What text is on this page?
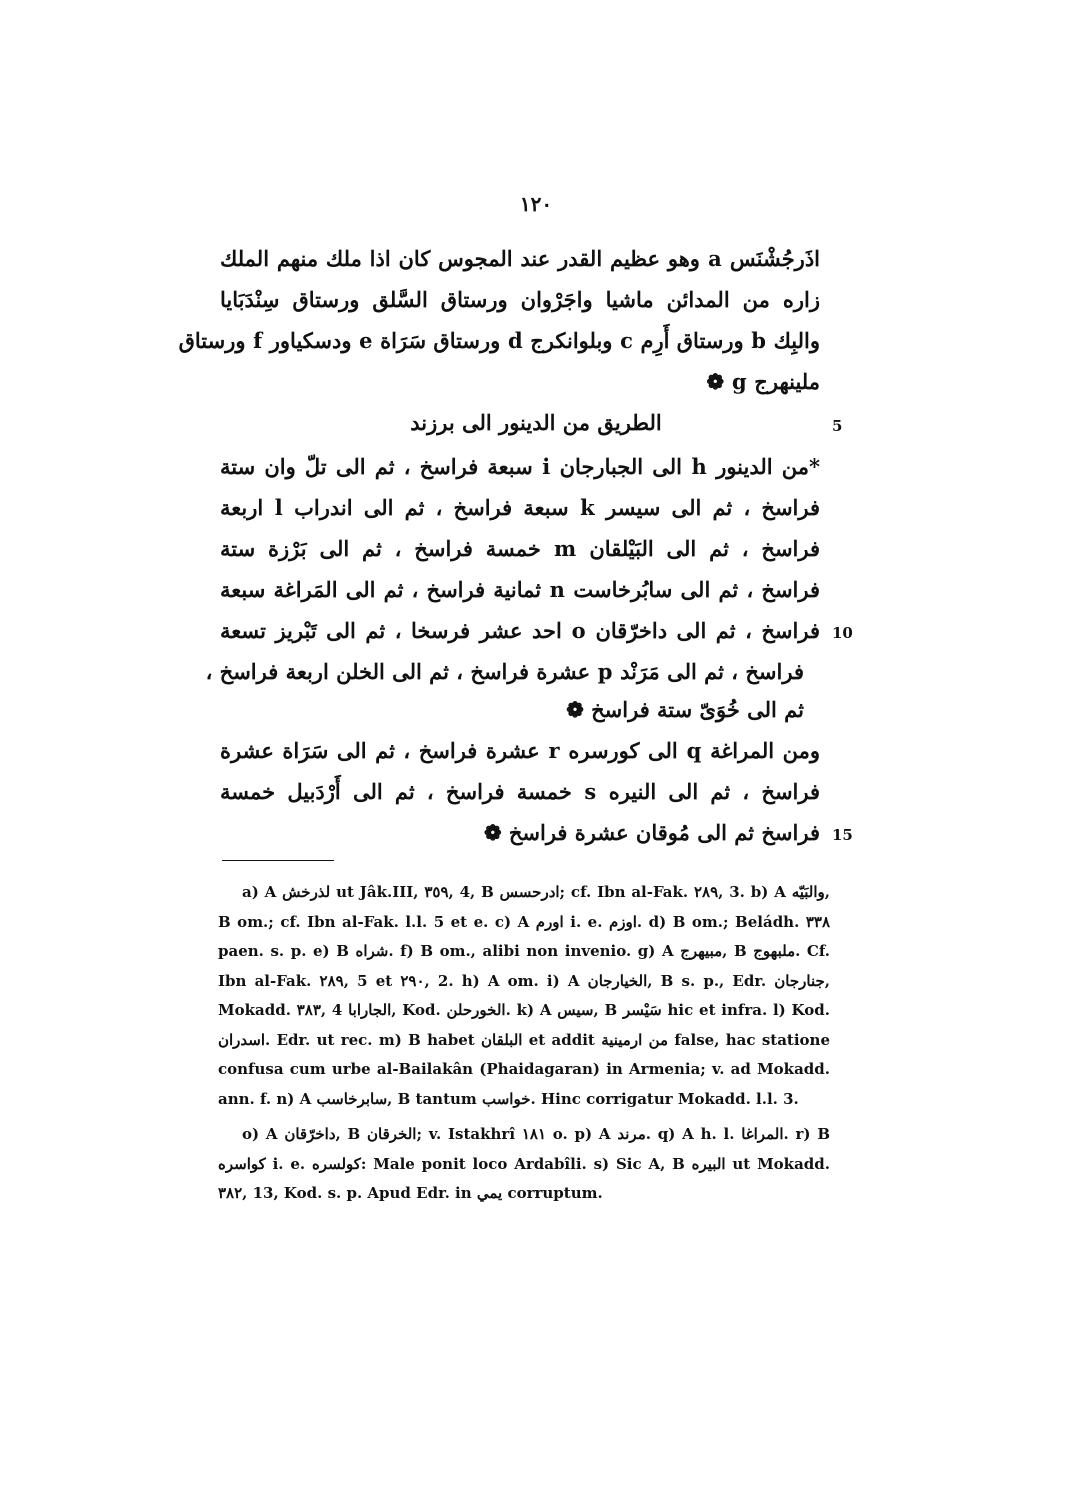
١٢٠
اذَرجُشْنَس a وهو عظيم القدر عند المجوس كان اذا ملك منهم الملك
زاره من المدائن ماشيا واجَرْوان ورستاق السَّلق ورستاق سِنْدَبَايا
والبِك b ورستاق أَرِم c وبلوانكرج d ورستاق سَرَاة e ودسكياور f ورستاق
ملينهرج g ❁
الطريق من الدينور الى برزند	5
*من الدينور h الى الجبارجان i سبعة فراسخ ، ثم الى تلّ وان ستة
فراسخ ، ثم الى سيسر k سبعة فراسخ ، ثم الى اندراب l اربعة
فراسخ ، ثم الى البَيْلقان m خمسة فراسخ ، ثم الى بَرْزة ستة
فراسخ ، ثم الى سابُرخاست n ثمانية فراسخ ، ثم الى المَراغة سبعة
فراسخ ، ثم الى داخرّقان o احد عشر فرسخا ، ثم الى تَبْريز تسعة 10
فراسخ ، ثم الى مَرَنْد p عشرة فراسخ ، ثم الى الخلن اربعة فراسخ ،
ثم الى خُوَىّ ستة فراسخ ❁
ومن المراغة q الى كورسره r عشرة فراسخ ، ثم الى سَرَاة عشرة
فراسخ ، ثم الى النيره s خمسة فراسخ ، ثم الى أَرْدَبيل خمسة
فراسخ ثم الى مُوقان عشرة فراسخ ❁ 15

a) A لذرخش ut Jâk.III, ٣٥٩, 4, B ادرحسس; cf. Ibn al-Fak. ٢٨٩, 3. b) A والبَيّه, B om.; cf. Ibn al-Fak. l.l. 5 et e. c) A اورم i. e. اوزم. d) B om.; Beládh. ٣٣٨ paen. s. p. e) B شراه. f) B om., alibi non invenio. g) A مبيهرج, B ملبهوج. Cf. Ibn al-Fak. ٢٨٩, 5 et ٢٩٠, 2. h) A om. i) A الخيارجان, B s. p., Edr. جنارجان, Mokadd. ٣٨٣, 4 الجارابا, Kod. الخورحلن. k) A سيس, B سَيْسر hic et infra. l) Kod. اسدران. Edr. ut rec. m) B habet البلقان et addit من ارمينية false, hac statione confusa cum urbe al-Bailakân (Phaidagaran) in Armenia; v. ad Mokadd. ann. f. n) A سابرخاسب, B tantum خواسب. Hinc corrigatur Mokadd. l.l. 3.

o) A داخرّقان, B الخرقان; v. Istakhrî ١٨١ o. p) A مرند. q) A h. l. المراغا. r) B كواسره i. e. كولسره: Male ponit loco Ardabîli. s) Sic A, B البيره ut Mokadd. ٣٨٢, 13, Kod. s. p. Apud Edr. in يمي corruptum.
